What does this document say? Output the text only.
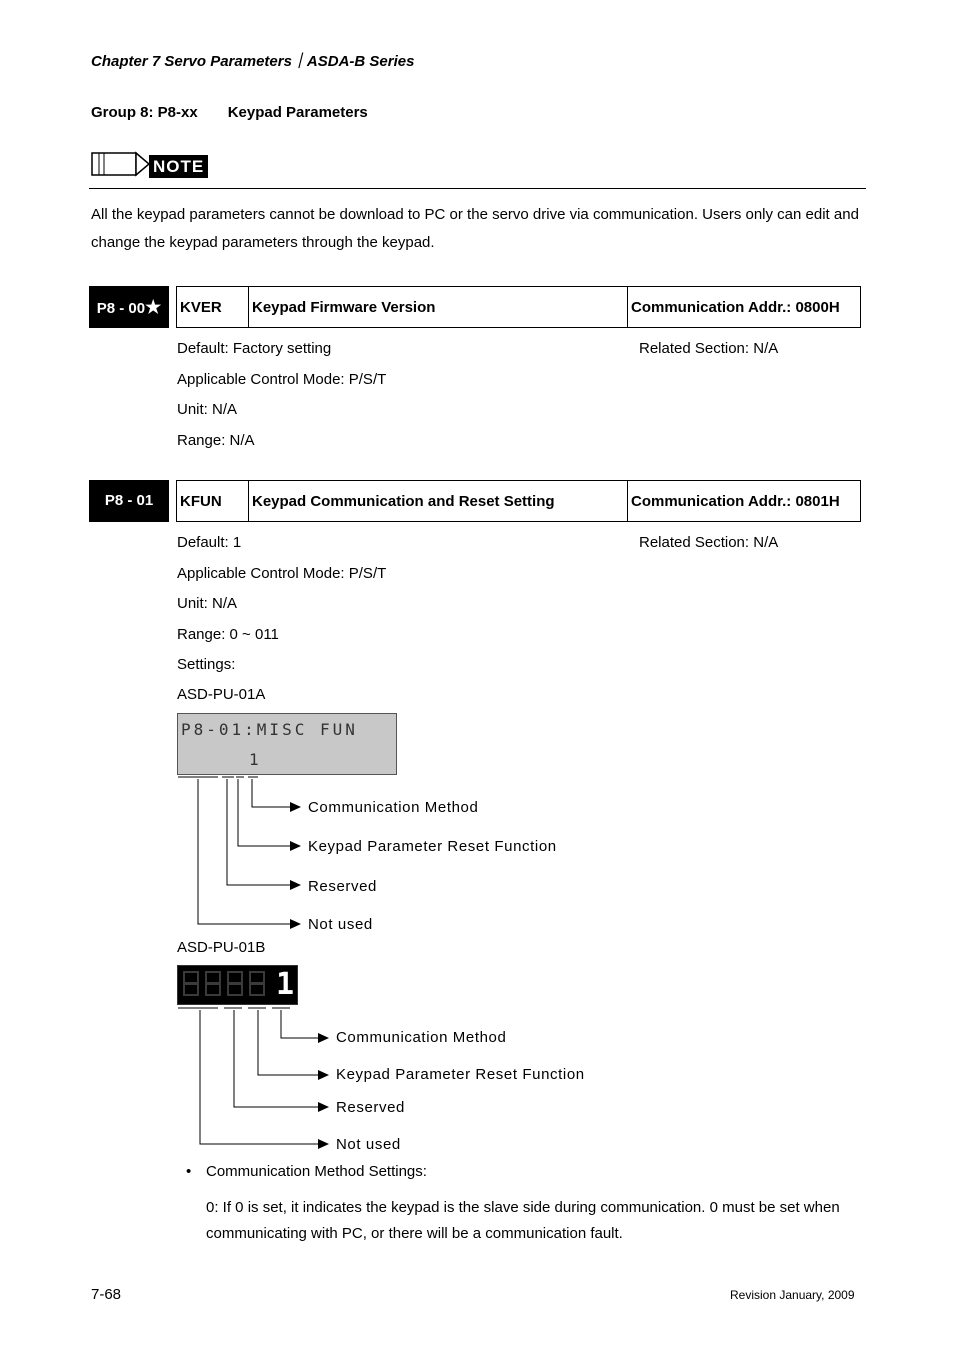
Chapter 7 Servo Parameters｜ASDA-B Series
Group 8: P8-xx Keypad Parameters
NOTE
All the keypad parameters cannot be download to PC or the servo drive via communication. Users only can edit and change the keypad parameters through the keypad.
P8 - 00★	KVER	Keypad Firmware Version	Communication Addr.: 0800H
Default: Factory setting	Related Section: N/A
Applicable Control Mode: P/S/T
Unit: N/A
Range: N/A
P8 - 01	KFUN	Keypad Communication and Reset Setting	Communication Addr.: 0801H
Default: 1	Related Section: N/A
Applicable Control Mode: P/S/T
Unit: N/A
Range: 0 ~ 011
Settings:
ASD-PU-01A
P8-01:MISC FUN
1
Communication Method
Keypad Parameter Reset Function
Reserved
Not used
ASD-PU-01B
1
Communication Method
Keypad Parameter Reset Function
Reserved
Not used
• Communication Method Settings:
0: If 0 is set, it indicates the keypad is the slave side during communication. 0 must be set when communicating with PC, or there will be a communication fault.
7-68	Revision January, 2009
